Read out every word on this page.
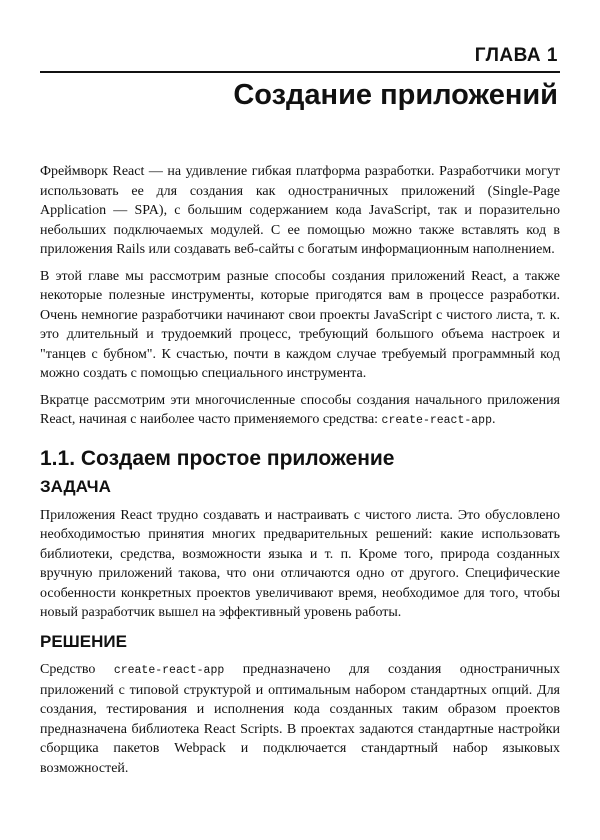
ГЛАВА 1
Создание приложений

Фреймворк React — на удивление гибкая платформа разработки. Разработчики могут использовать ее для создания как одностраничных приложений (Single-Page Application — SPA), с большим содержанием кода JavaScript, так и поразительно небольших подключаемых модулей. С ее помощью можно также вставлять код в приложения Rails или создавать веб-сайты с богатым информационным наполнением.

В этой главе мы рассмотрим разные способы создания приложений React, а также некоторые полезные инструменты, которые пригодятся вам в процессе разработки. Очень немногие разработчики начинают свои проекты JavaScript с чистого листа, т. к. это длительный и трудоемкий процесс, требующий большого объема настроек и "танцев с бубном". К счастью, почти в каждом случае требуемый программный код можно создать с помощью специального инструмента.

Вкратце рассмотрим эти многочисленные способы создания начального приложения React, начиная с наиболее часто применяемого средства: create-react-app.

1.1. Создаем простое приложение
ЗАДАЧА

Приложения React трудно создавать и настраивать с чистого листа. Это обусловлено необходимостью принятия многих предварительных решений: какие использовать библиотеки, средства, возможности языка и т. п. Кроме того, природа созданных вручную приложений такова, что они отличаются одно от другого. Специфические особенности конкретных проектов увеличивают время, необходимое для того, чтобы новый разработчик вышел на эффективный уровень работы.

РЕШЕНИЕ

Средство create-react-app предназначено для создания одностраничных приложений с типовой структурой и оптимальным набором стандартных опций. Для создания, тестирования и исполнения кода созданных таким образом проектов предназначена библиотека React Scripts. В проектах задаются стандартные настройки сборщика пакетов Webpack и подключается стандартный набор языковых возможностей.
